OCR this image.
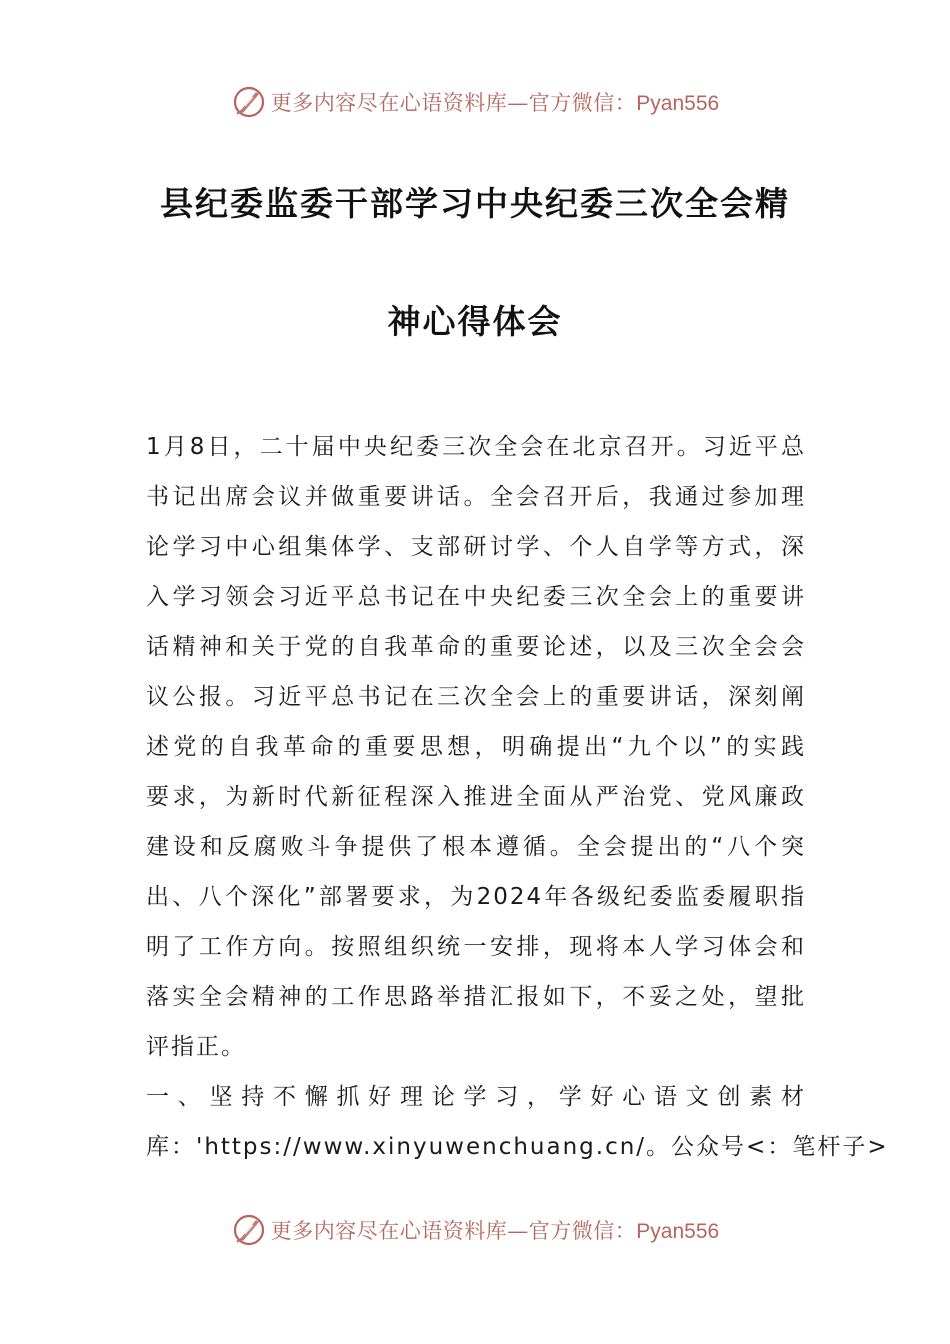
更多内容尽在心语资料库—官方微信：Pyan556
县纪委监委干部学习中央纪委三次全会精
神心得体会
1月8日，二十届中央纪委三次全会在北京召开。习近平总
书记出席会议并做重要讲话。全会召开后，我通过参加理
论学习中心组集体学、支部研讨学、个人自学等方式，深
入学习领会习近平总书记在中央纪委三次全会上的重要讲
话精神和关于党的自我革命的重要论述，以及三次全会会
议公报。习近平总书记在三次全会上的重要讲话，深刻阐
述党的自我革命的重要思想，明确提出“九个以”的实践
要求，为新时代新征程深入推进全面从严治党、党风廉政
建设和反腐败斗争提供了根本遵循。全会提出的“八个突
出、八个深化”部署要求，为2024年各级纪委监委履职指
明了工作方向。按照组织统一安排，现将本人学习体会和
落实全会精神的工作思路举措汇报如下，不妥之处，望批
评指正。
一、坚持不懈抓好理论学习，学好心语文创素材
库：'https://www.xinyuwenchuang.cn/。公众号<：笔杆子>
更多内容尽在心语资料库—官方微信：Pyan556
